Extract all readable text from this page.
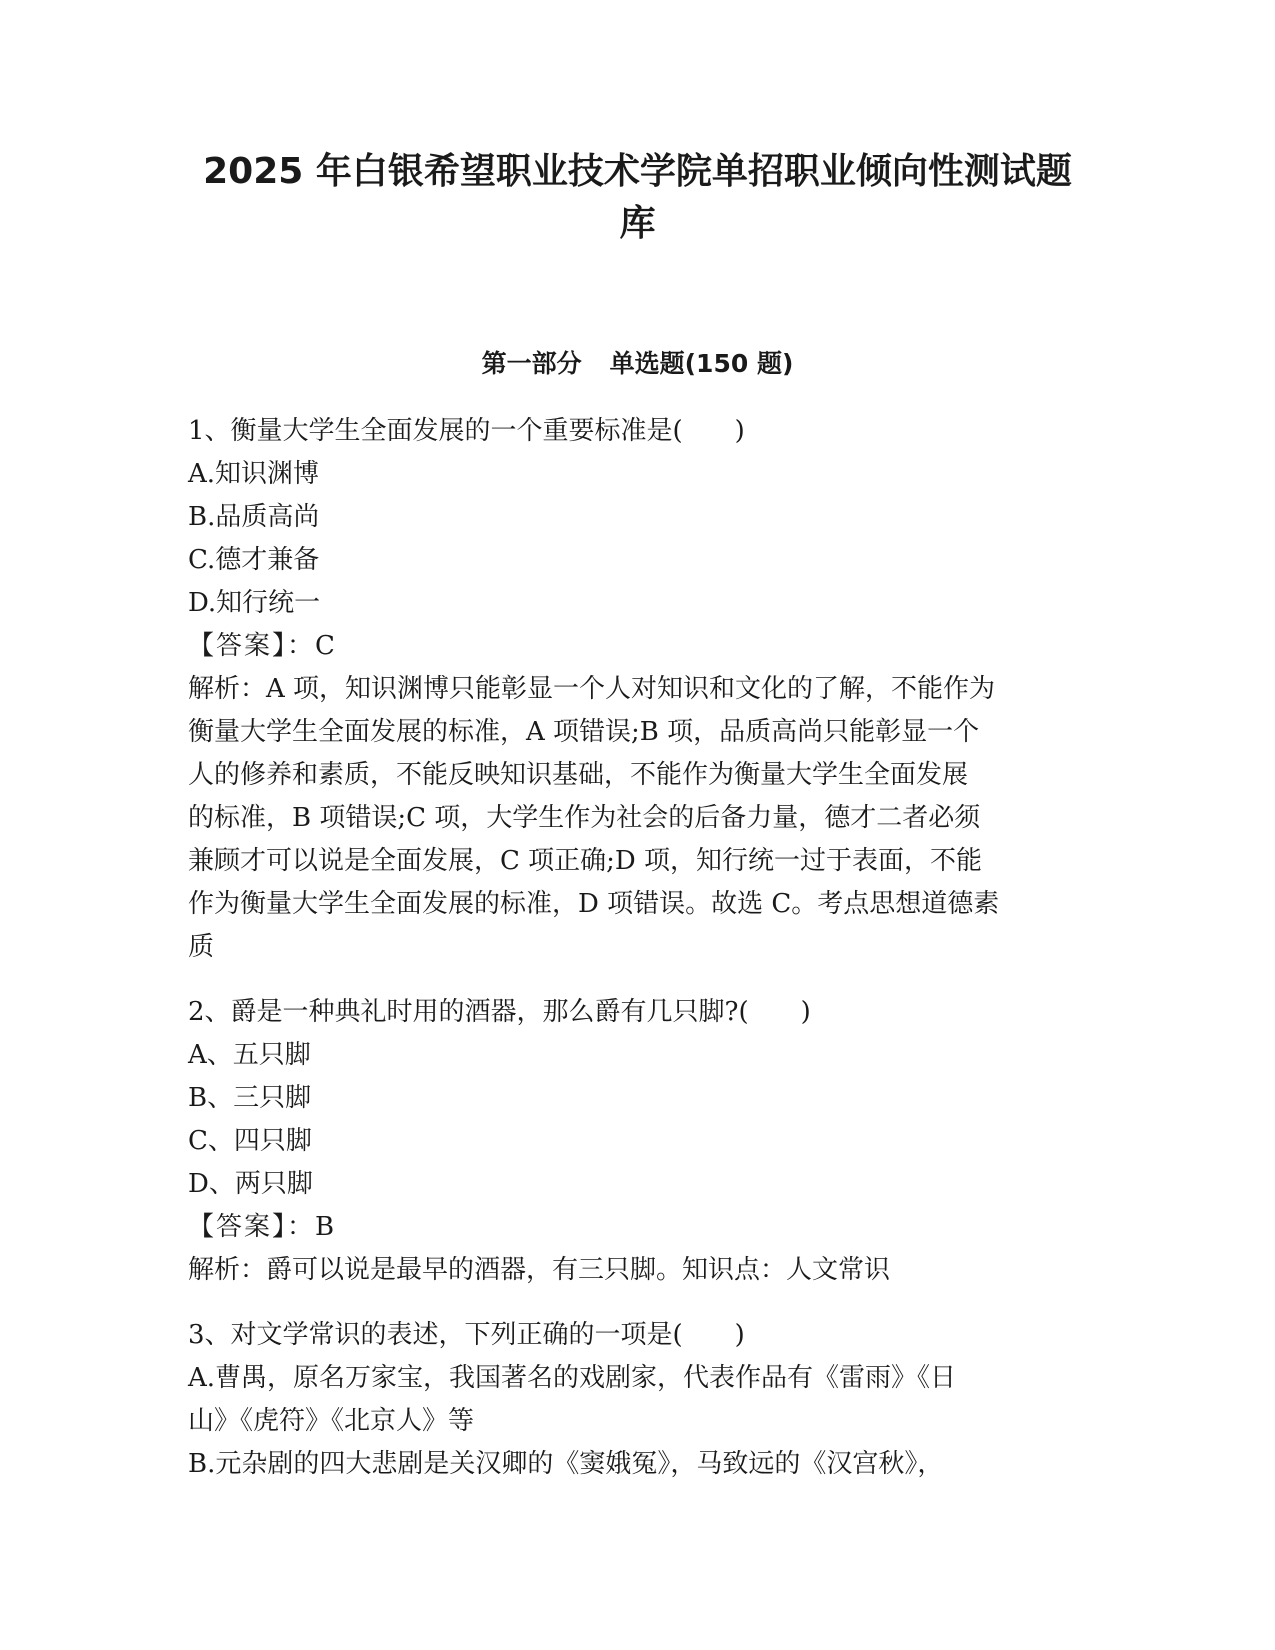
2025 年白银希望职业技术学院单招职业倾向性测试题
库
第一部分 单选题(150 题)
1、衡量大学生全面发展的一个重要标准是(　　)
A.知识渊博
B.品质高尚
C.德才兼备
D.知行统一
【答案】：C
解析：A 项，知识渊博只能彰显一个人对知识和文化的了解，不能作为
衡量大学生全面发展的标准，A 项错误;B 项，品质高尚只能彰显一个
人的修养和素质，不能反映知识基础，不能作为衡量大学生全面发展
的标准，B 项错误;C 项，大学生作为社会的后备力量，德才二者必须
兼顾才可以说是全面发展，C 项正确;D 项，知行统一过于表面，不能
作为衡量大学生全面发展的标准，D 项错误。故选 C。考点思想道德素
质
2、爵是一种典礼时用的酒器，那么爵有几只脚?(　　)
A、五只脚
B、三只脚
C、四只脚
D、两只脚
【答案】：B
解析：爵可以说是最早的酒器，有三只脚。知识点：人文常识
3、对文学常识的表述，下列正确的一项是(　　)
A.曹禺，原名万家宝，我国著名的戏剧家，代表作品有《雷雨》《日
山》《虎符》《北京人》等
B.元杂剧的四大悲剧是关汉卿的《窦娥冤》，马致远的《汉宫秋》，
